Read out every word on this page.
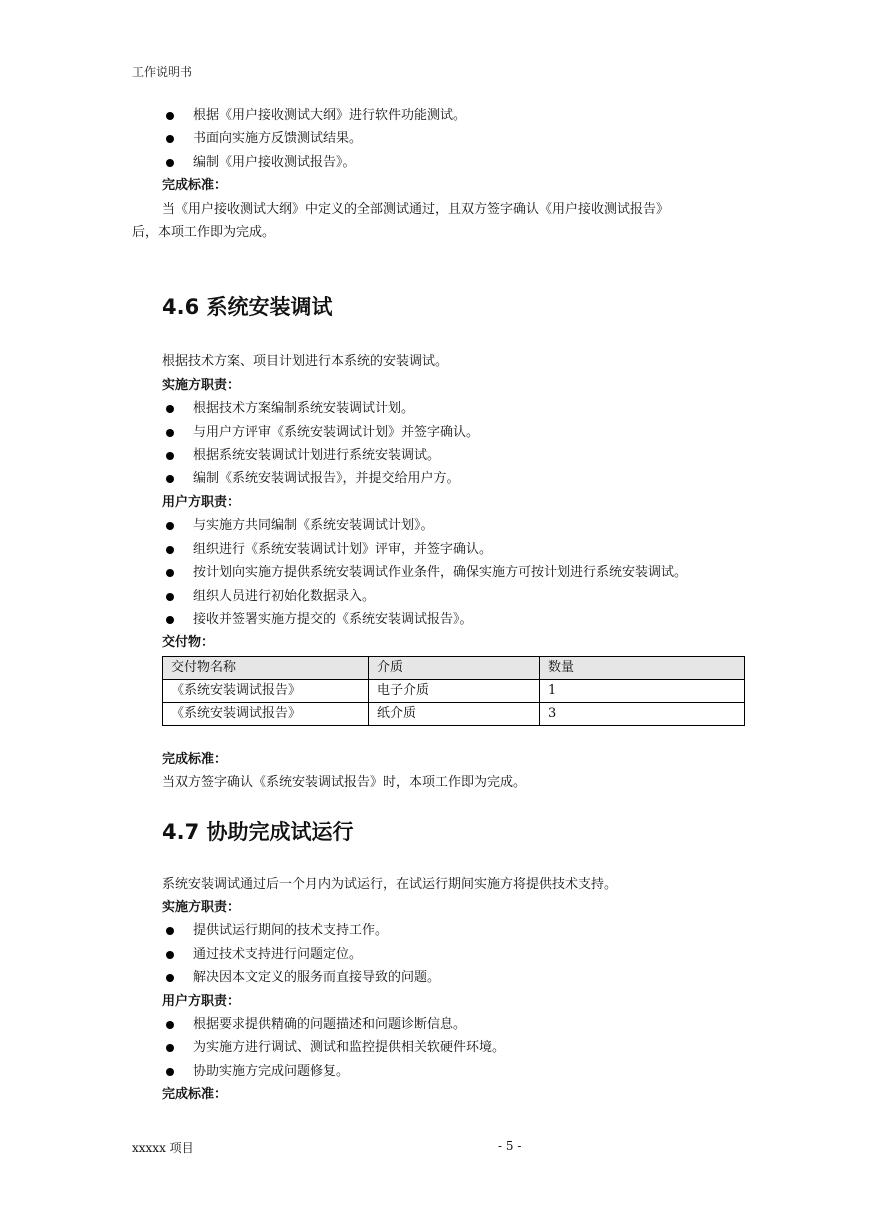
工作说明书
根据《用户接收测试大纲》进行软件功能测试。
书面向实施方反馈测试结果。
编制《用户接收测试报告》。
完成标准：
当《用户接收测试大纲》中定义的全部测试通过，且双方签字确认《用户接收测试报告》
后，本项工作即为完成。
4.6 系统安装调试
根据技术方案、项目计划进行本系统的安装调试。
实施方职责：
根据技术方案编制系统安装调试计划。
与用户方评审《系统安装调试计划》并签字确认。
根据系统安装调试计划进行系统安装调试。
编制《系统安装调试报告》，并提交给用户方。
用户方职责：
与实施方共同编制《系统安装调试计划》。
组织进行《系统安装调试计划》评审，并签字确认。
按计划向实施方提供系统安装调试作业条件，确保实施方可按计划进行系统安装调试。
组织人员进行初始化数据录入。
接收并签署实施方提交的《系统安装调试报告》。
交付物：
交付物名称	介质	数量
《系统安装调试报告》	电子介质	1
《系统安装调试报告》	纸介质	3
完成标准：
当双方签字确认《系统安装调试报告》时，本项工作即为完成。
4.7 协助完成试运行
系统安装调试通过后一个月内为试运行，在试运行期间实施方将提供技术支持。
实施方职责：
提供试运行期间的技术支持工作。
通过技术支持进行问题定位。
解决因本文定义的服务而直接导致的问题。
用户方职责：
根据要求提供精确的问题描述和问题诊断信息。
为实施方进行调试、测试和监控提供相关软硬件环境。
协助实施方完成问题修复。
完成标准：
xxxxx 项目	- 5 -
